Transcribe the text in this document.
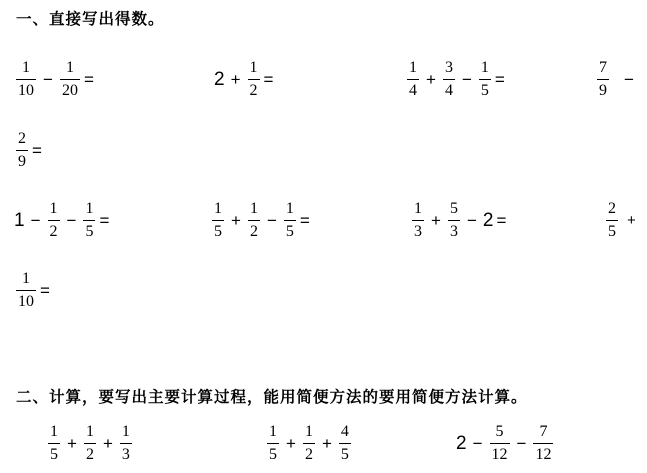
一、直接写出得数。
$\frac{1}{10} - \frac{1}{20}$ =	$2 + \frac{1}{2}$ =	$\frac{1}{4} + \frac{3}{4} - \frac{1}{5}$ =	$\frac{7}{9}$ −
$\frac{2}{9}$ =
$1 - \frac{1}{2} - \frac{1}{5}$ =	$\frac{1}{5} + \frac{1}{2} - \frac{1}{5}$ =	$\frac{1}{3} + \frac{5}{3} - 2$ =	$\frac{2}{5}$ +
$\frac{1}{10}$ =
二、计算，要写出主要计算过程，能用简便方法的要用简便方法计算。
$\frac{1}{5} + \frac{1}{2} + \frac{1}{3}$	$\frac{1}{5} + \frac{1}{2} + \frac{4}{5}$	$2 - \frac{5}{12} - \frac{7}{12}$
